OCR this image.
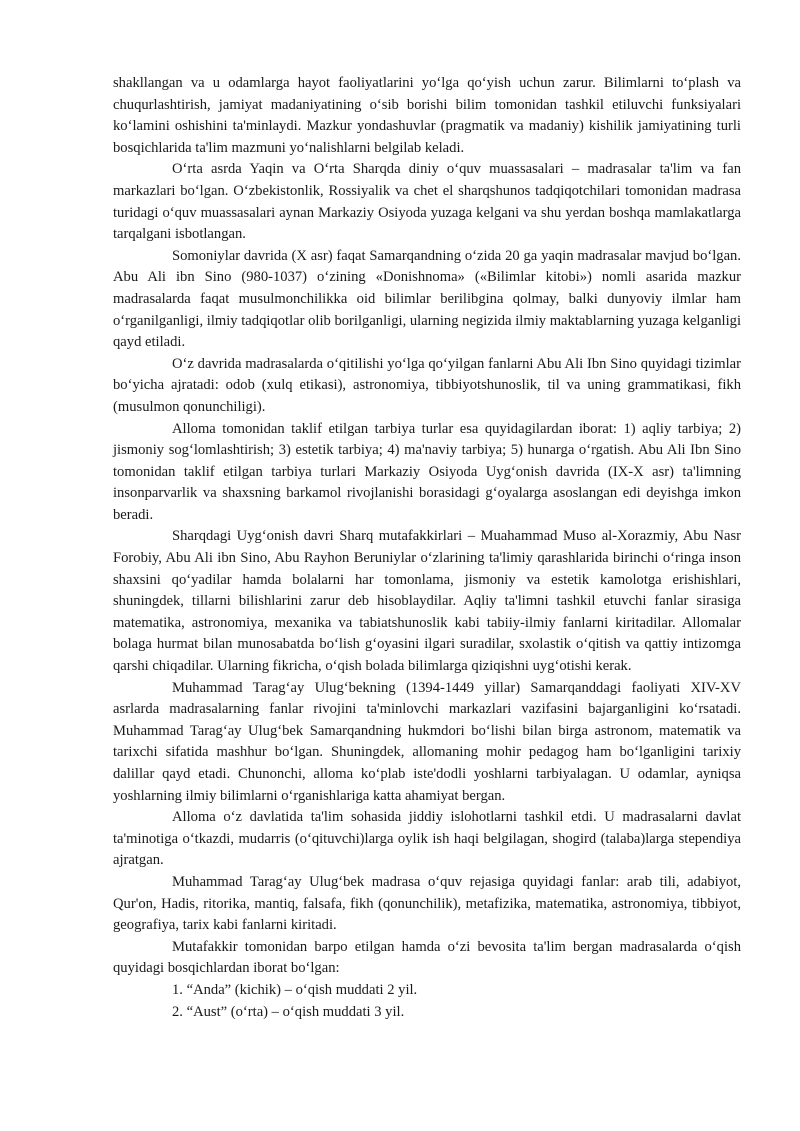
shakllangan va u odamlarga hayot faoliyatlarini yo‘lga qo‘yish uchun zarur. Bilimlarni to‘plash va chuqurlashtirish, jamiyat madaniyatining o‘sib borishi bilim tomonidan tashkil etiluvchi funksiyalari ko‘lamini oshishini ta'minlaydi. Mazkur yondashuvlar (pragmatik va madaniy) kishilik jamiyatining turli bosqichlarida ta'lim mazmuni yo‘nalishlarni belgilab keladi.

O‘rta asrda Yaqin va O‘rta Sharqda diniy o‘quv muassasalari – madrasalar ta'lim va fan markazlari bo‘lgan. O‘zbekistonlik, Rossiyalik va chet el sharqshunos tadqiqotchilari tomonidan madrasa turidagi o‘quv muassasalari aynan Markaziy Osiyoda yuzaga kelgani va shu yerdan boshqa mamlakatlarga tarqalgani isbotlangan.

Somoniylar davrida (X asr) faqat Samarqandning o‘zida 20 ga yaqin madrasalar mavjud bo‘lgan. Abu Ali ibn Sino (980-1037) o‘zining «Donishnoma» («Bilimlar kitobi») nomli asarida mazkur madrasalarda faqat musulmonchilikka oid bilimlar berilibgina qolmay, balki dunyoviy ilmlar ham o‘rganilganligi, ilmiy tadqiqotlar olib borilganligi, ularning negizida ilmiy maktablarning yuzaga kelganligi qayd etiladi.

O‘z davrida madrasalarda o‘qitilishi yo‘lga qo‘yilgan fanlarni Abu Ali Ibn Sino quyidagi tizimlar bo‘yicha ajratadi: odob (xulq etikasi), astronomiya, tibbiyotshunoslik, til va uning grammatikasi, fikh (musulmon qonunchiligi).

Alloma tomonidan taklif etilgan tarbiya turlar esa quyidagilardan iborat: 1) aqliy tarbiya; 2) jismoniy sog‘lomlashtirish; 3) estetik tarbiya; 4) ma'naviy tarbiya; 5) hunarga o‘rgatish. Abu Ali Ibn Sino tomonidan taklif etilgan tarbiya turlari Markaziy Osiyoda Uyg‘onish davrida (IX-X asr) ta'limning insonparvarlik va shaxsning barkamol rivojlanishi borasidagi g‘oyalarga asoslangan edi deyishga imkon beradi.

Sharqdagi Uyg‘onish davri Sharq mutafakkirlari – Muahammad Muso al-Xorazmiy, Abu Nasr Forobiy, Abu Ali ibn Sino, Abu Rayhon Beruniylar o‘zlarining ta'limiy qarashlarida birinchi o‘ringa inson shaxsini qo‘yadilar hamda bolalarni har tomonlama, jismoniy va estetik kamolotga erishishlari, shuningdek, tillarni bilishlarini zarur deb hisoblaydilar. Aqliy ta'limni tashkil etuvchi fanlar sirasiga matematika, astronomiya, mexanika va tabiatshunoslik kabi tabiiy-ilmiy fanlarni kiritadilar. Allomalar bolaga hurmat bilan munosabatda bo‘lish g‘oyasini ilgari suradilar, sxolastik o‘qitish va qattiy intizomga qarshi chiqadilar. Ularning fikricha, o‘qish bolada bilimlarga qiziqishni uyg‘otishi kerak.

Muhammad Tarag‘ay Ulug‘bekning (1394-1449 yillar) Samarqanddagi faoliyati XIV-XV asrlarda madrasalarning fanlar rivojini ta'minlovchi markazlari vazifasini bajarganligini ko‘rsatadi. Muhammad Tarag‘ay Ulug‘bek Samarqandning hukmdori bo‘lishi bilan birga astronom, matematik va tarixchi sifatida mashhur bo‘lgan. Shuningdek, allomaning mohir pedagog ham bo‘lganligini tarixiy dalillar qayd etadi. Chunonchi, alloma ko‘plab iste'dodli yoshlarni tarbiyalagan. U odamlar, ayniqsa yoshlarning ilmiy bilimlarni o‘rganishlariga katta ahamiyat bergan.

Alloma o‘z davlatida ta'lim sohasida jiddiy islohotlarni tashkil etdi. U madrasalarni davlat ta'minotiga o‘tkazdi, mudarris (o‘qituvchi)larga oylik ish haqi belgilagan, shogird (talaba)larga stependiya ajratgan.

Muhammad Tarag‘ay Ulug‘bek madrasa o‘quv rejasiga quyidagi fanlar: arab tili, adabiyot, Qur'on, Hadis, ritorika, mantiq, falsafa, fikh (qonunchilik), metafizika, matematika, astronomiya, tibbiyot, geografiya, tarix kabi fanlarni kiritadi.

Mutafakkir tomonidan barpo etilgan hamda o‘zi bevosita ta'lim bergan madrasalarda o‘qish quyidagi bosqichlardan iborat bo‘lgan:

1. “Anda” (kichik) – o‘qish muddati 2 yil.

2. “Aust” (o‘rta) – o‘qish muddati 3 yil.
